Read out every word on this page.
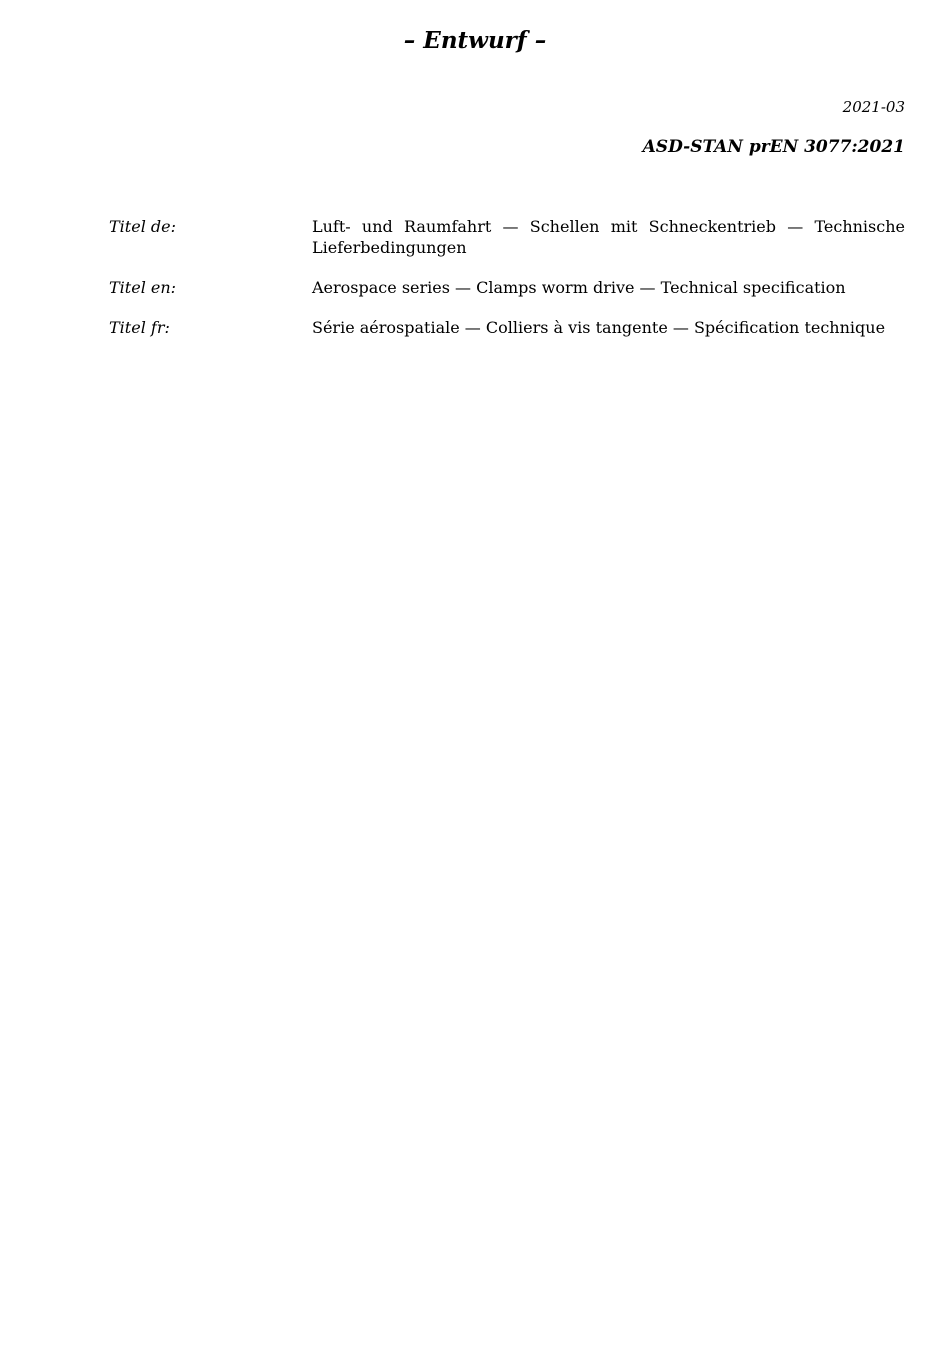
– Entwurf –
2021-03
ASD-STAN prEN 3077:2021
Titel de:	Luft- und Raumfahrt — Schellen mit Schneckentrieb — Technische Lieferbedingungen
Titel en:	Aerospace series — Clamps worm drive — Technical specification
Titel fr:	Série aérospatiale — Colliers à vis tangente — Spécification technique
